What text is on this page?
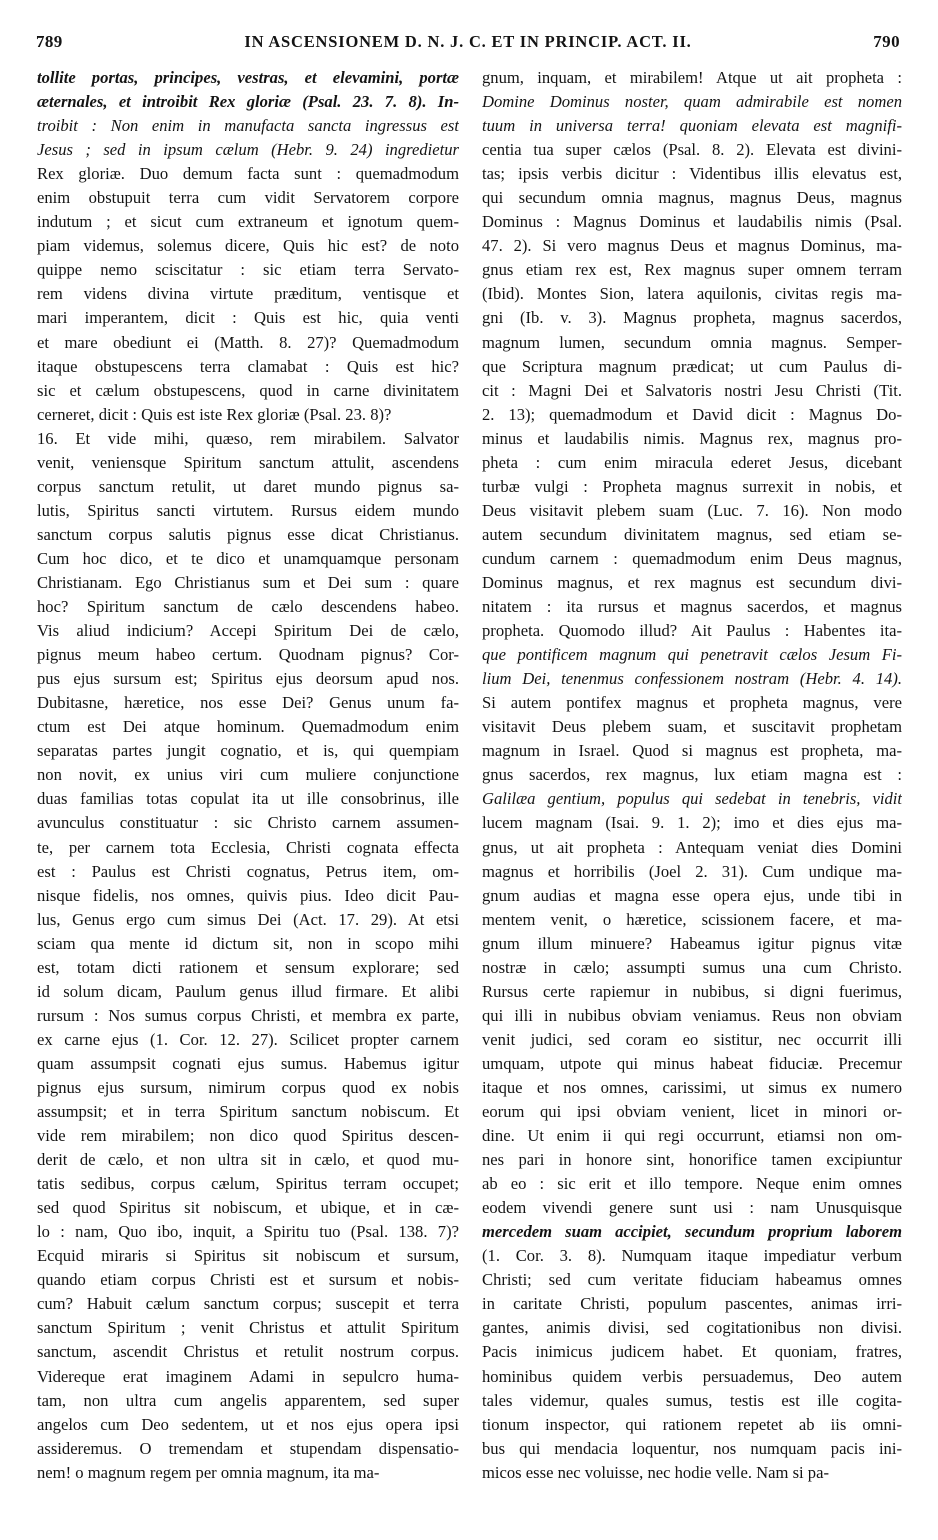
789	IN ASCENSIONEM D. N. J. C. ET IN PRINCIP. ACT. II.	790
tollite portas, principes, vestras, et elevamini, portæ
æternales, et introibit Rex gloriæ (Psal. 23. 7. 8). In-
troibit : Non enim in manufacta sancta ingressus est
Jesus ; sed in ipsum cælum (Hebr. 9. 24) ingredietur
Rex gloriæ. Duo demum facta sunt : quemadmodum
enim obstupuit terra cum vidit Servatorem corpore
indutum ; et sicut cum extraneum et ignotum quem-
piam videmus, solemus dicere, Quis hic est? de noto
quippe nemo sciscitatur : sic etiam terra Servato-
rem videns divina virtute præditum, ventisque et
mari imperantem, dicit : Quis est hic, quia venti
et mare obediunt ei (Matth. 8. 27)? Quemadmodum
itaque obstupescens terra clamabat : Quis est hic?
sic et cælum obstupescens, quod in carne divinitatem
cerneret, dicit : Quis est iste Rex gloriæ (Psal. 23. 8)?
16. Et vide mihi, quæso, rem mirabilem. Salvator
venit, veniensque Spiritum sanctum attulit, ascendens
corpus sanctum retulit, ut daret mundo pignus sa-
lutis, Spiritus sancti virtutem. Rursus eidem mundo
sanctum corpus salutis pignus esse dicat Christianus.
Cum hoc dico, et te dico et unamquamque personam
Christianam. Ego Christianus sum et Dei sum : quare
hoc? Spiritum sanctum de cælo descendens habeo.
Vis aliud indicium? Accepi Spiritum Dei de cælo,
pignus meum habeo certum. Quodnam pignus? Cor-
pus ejus sursum est; Spiritus ejus deorsum apud nos.
Dubitasne, hæretice, nos esse Dei? Genus unum fa-
ctum est Dei atque hominum. Quemadmodum enim
separatas partes jungit cognatio, et is, qui quempiam
non novit, ex unius viri cum muliere conjunctione
duas familias totas copulat ita ut ille consobrinus, ille
avunculus constituatur : sic Christo carnem assumen-
te, per carnem tota Ecclesia, Christi cognata effecta
est : Paulus est Christi cognatus, Petrus item, om-
nisque fidelis, nos omnes, quivis pius. Ideo dicit Pau-
lus, Genus ergo cum simus Dei (Act. 17. 29). At etsi
sciam qua mente id dictum sit, non in scopo mihi
est, totam dicti rationem et sensum explorare; sed
id solum dicam, Paulum genus illud firmare. Et alibi
rursum : Nos sumus corpus Christi, et membra ex parte,
ex carne ejus (1. Cor. 12. 27). Scilicet propter carnem
quam assumpsit cognati ejus sumus. Habemus igitur
pignus ejus sursum, nimirum corpus quod ex nobis
assumpsit; et in terra Spiritum sanctum nobiscum. Et
vide rem mirabilem; non dico quod Spiritus descen-
derit de cælo, et non ultra sit in cælo, et quod mu-
tatis sedibus, corpus cælum, Spiritus terram occupet;
sed quod Spiritus sit nobiscum, et ubique, et in cæ-
lo : nam, Quo ibo, inquit, a Spiritu tuo (Psal. 138. 7)?
Ecquid miraris si Spiritus sit nobiscum et sursum,
quando etiam corpus Christi est et sursum et nobis-
cum? Habuit cælum sanctum corpus; suscepit et terra
sanctum Spiritum ; venit Christus et attulit Spiritum
sanctum, ascendit Christus et retulit nostrum corpus.
Videreque erat imaginem Adami in sepulcro huma-
tam, non ultra cum angelis apparentem, sed super
angelos cum Deo sedentem, ut et nos ejus opera ipsi
assideremus. O tremendam et stupendam dispensatio-
nem! o magnum regem per omnia magnum, ita ma-
gnum, inquam, et mirabilem! Atque ut ait propheta :
Domine Dominus noster, quam admirabile est nomen
tuum in universa terra! quoniam elevata est magnifi-
centia tua super cælos (Psal. 8. 2). Elevata est divini-
tas; ipsis verbis dicitur : Videntibus illis elevatus est,
qui secundum omnia magnus, magnus Deus, magnus
Dominus : Magnus Dominus et laudabilis nimis (Psal.
47. 2). Si vero magnus Deus et magnus Dominus, ma-
gnus etiam rex est, Rex magnus super omnem terram
(Ibid). Montes Sion, latera aquilonis, civitas regis ma-
gni (Ib. v. 3). Magnus propheta, magnus sacerdos,
magnum lumen, secundum omnia magnus. Semper-
que Scriptura magnum prædicat; ut cum Paulus di-
cit : Magni Dei et Salvatoris nostri Jesu Christi (Tit.
2. 13); quemadmodum et David dicit : Magnus Do-
minus et laudabilis nimis. Magnus rex, magnus pro-
pheta : cum enim miracula ederet Jesus, dicebant
turbæ vulgi : Propheta magnus surrexit in nobis, et
Deus visitavit plebem suam (Luc. 7. 16). Non modo
autem secundum divinitatem magnus, sed etiam se-
cundum carnem : quemadmodum enim Deus magnus,
Dominus magnus, et rex magnus est secundum divi-
nitatem : ita rursus et magnus sacerdos, et magnus
propheta. Quomodo illud? Ait Paulus : Habentes ita-
que pontificem magnum qui penetravit cælos Jesum Fi-
lium Dei, tenenmus confessionem nostram (Hebr. 4. 14).
Si autem pontifex magnus et propheta magnus, vere
visitavit Deus plebem suam, et suscitavit prophetam
magnum in Israel. Quod si magnus est propheta, ma-
gnus sacerdos, rex magnus, lux etiam magna est :
Galilæa gentium, populus qui sedebat in tenebris, vidit
lucem magnam (Isai. 9. 1. 2); imo et dies ejus ma-
gnus, ut ait propheta : Antequam veniat dies Domini
magnus et horribilis (Joel 2. 31). Cum undique ma-
gnum audias et magna esse opera ejus, unde tibi in
mentem venit, o hæretice, scissionem facere, et ma-
gnum illum minuere? Habeamus igitur pignus vitæ
nostræ in cælo; assumpti sumus una cum Christo.
Rursus certe rapiemur in nubibus, si digni fuerimus,
qui illi in nubibus obviam veniamus. Reus non obviam
venit judici, sed coram eo sistitur, nec occurrit illi
umquam, utpote qui minus habeat fiduciæ. Precemur
itaque et nos omnes, carissimi, ut simus ex numero
eorum qui ipsi obviam venient, licet in minori or-
dine. Ut enim ii qui regi occurrunt, etiamsi non om-
nes pari in honore sint, honorifice tamen excipiuntur
ab eo : sic erit et illo tempore. Neque enim omnes
eodem vivendi genere sunt usi : nam Unusquisque
mercedem suam accipiet, secundum proprium laborem
(1. Cor. 3. 8). Numquam itaque impediatur verbum
Christi; sed cum veritate fiduciam habeamus omnes
in caritate Christi, populum pascentes, animas irri-
gantes, animis divisi, sed cogitationibus non divisi.
Pacis inimicus judicem habet. Et quoniam, fratres,
hominibus quidem verbis persuademus, Deo autem
tales videmur, quales sumus, testis est ille cogita-
tionum inspector, qui rationem repetet ab iis omni-
bus qui mendacia loquentur, nos numquam pacis ini-
micos esse nec voluisse, nec hodie velle. Nam si pa-
